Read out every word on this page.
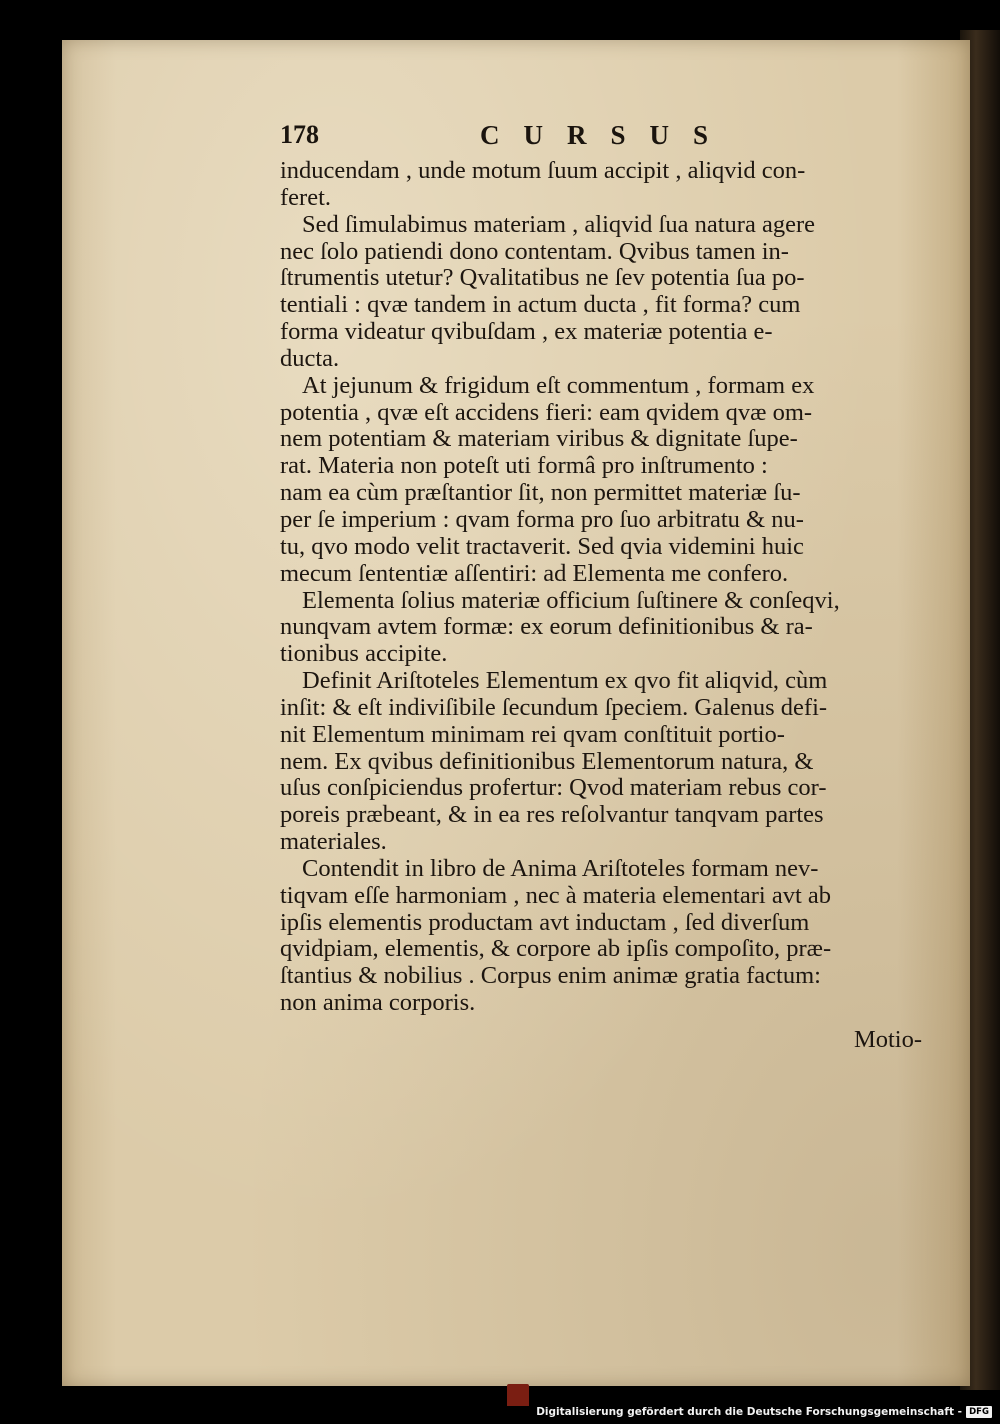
178	CURSUS
inducendam , unde motum ſuum accipit , aliqvid con-
feret.
Sed ſimulabimus materiam , aliqvid ſua natura agere
nec ſolo patiendi dono contentam. Qvibus tamen in-
ſtrumentis utetur? Qvalitatibus ne ſev potentia ſua po-
tentiali : qvæ tandem in actum ducta , fit forma? cum
forma videatur qvibuſdam , ex materiæ potentia e-
ducta.
At jejunum & frigidum eſt commentum , formam ex
potentia , qvæ eſt accidens fieri: eam qvidem qvæ om-
nem potentiam & materiam viribus & dignitate ſupe-
rat. Materia non poteſt uti formâ pro inſtrumento :
nam ea cùm præſtantior ſit, non permittet materiæ ſu-
per ſe imperium : qvam forma pro ſuo arbitratu & nu-
tu, qvo modo velit tractaverit. Sed qvia videmini huic
mecum ſententiæ aſſentiri: ad Elementa me confero.
Elementa ſolius materiæ officium ſuſtinere & conſeqvi,
nunqvam avtem formæ: ex eorum definitionibus & ra-
tionibus accipite.
Definit Ariſtoteles Elementum ex qvo fit aliqvid, cùm
inſit: & eſt indiviſibile ſecundum ſpeciem. Galenus defi-
nit Elementum minimam rei qvam conſtituit portio-
nem. Ex qvibus definitionibus Elementorum natura, &
uſus conſpiciendus profertur: Qvod materiam rebus cor-
poreis præbeant, & in ea res reſolvantur tanqvam partes
materiales.
Contendit in libro de Anima Ariſtoteles formam nev-
tiqvam eſſe harmoniam , nec à materia elementari avt ab
ipſis elementis productam avt inductam , ſed diverſum
qvidpiam, elementis, & corpore ab ipſis compoſito, præ-
ſtantius & nobilius . Corpus enim animæ gratia factum:
non anima corporis.
Motio-
Digitalisierung gefördert durch die Deutsche Forschungsgemeinschaft - DFG
